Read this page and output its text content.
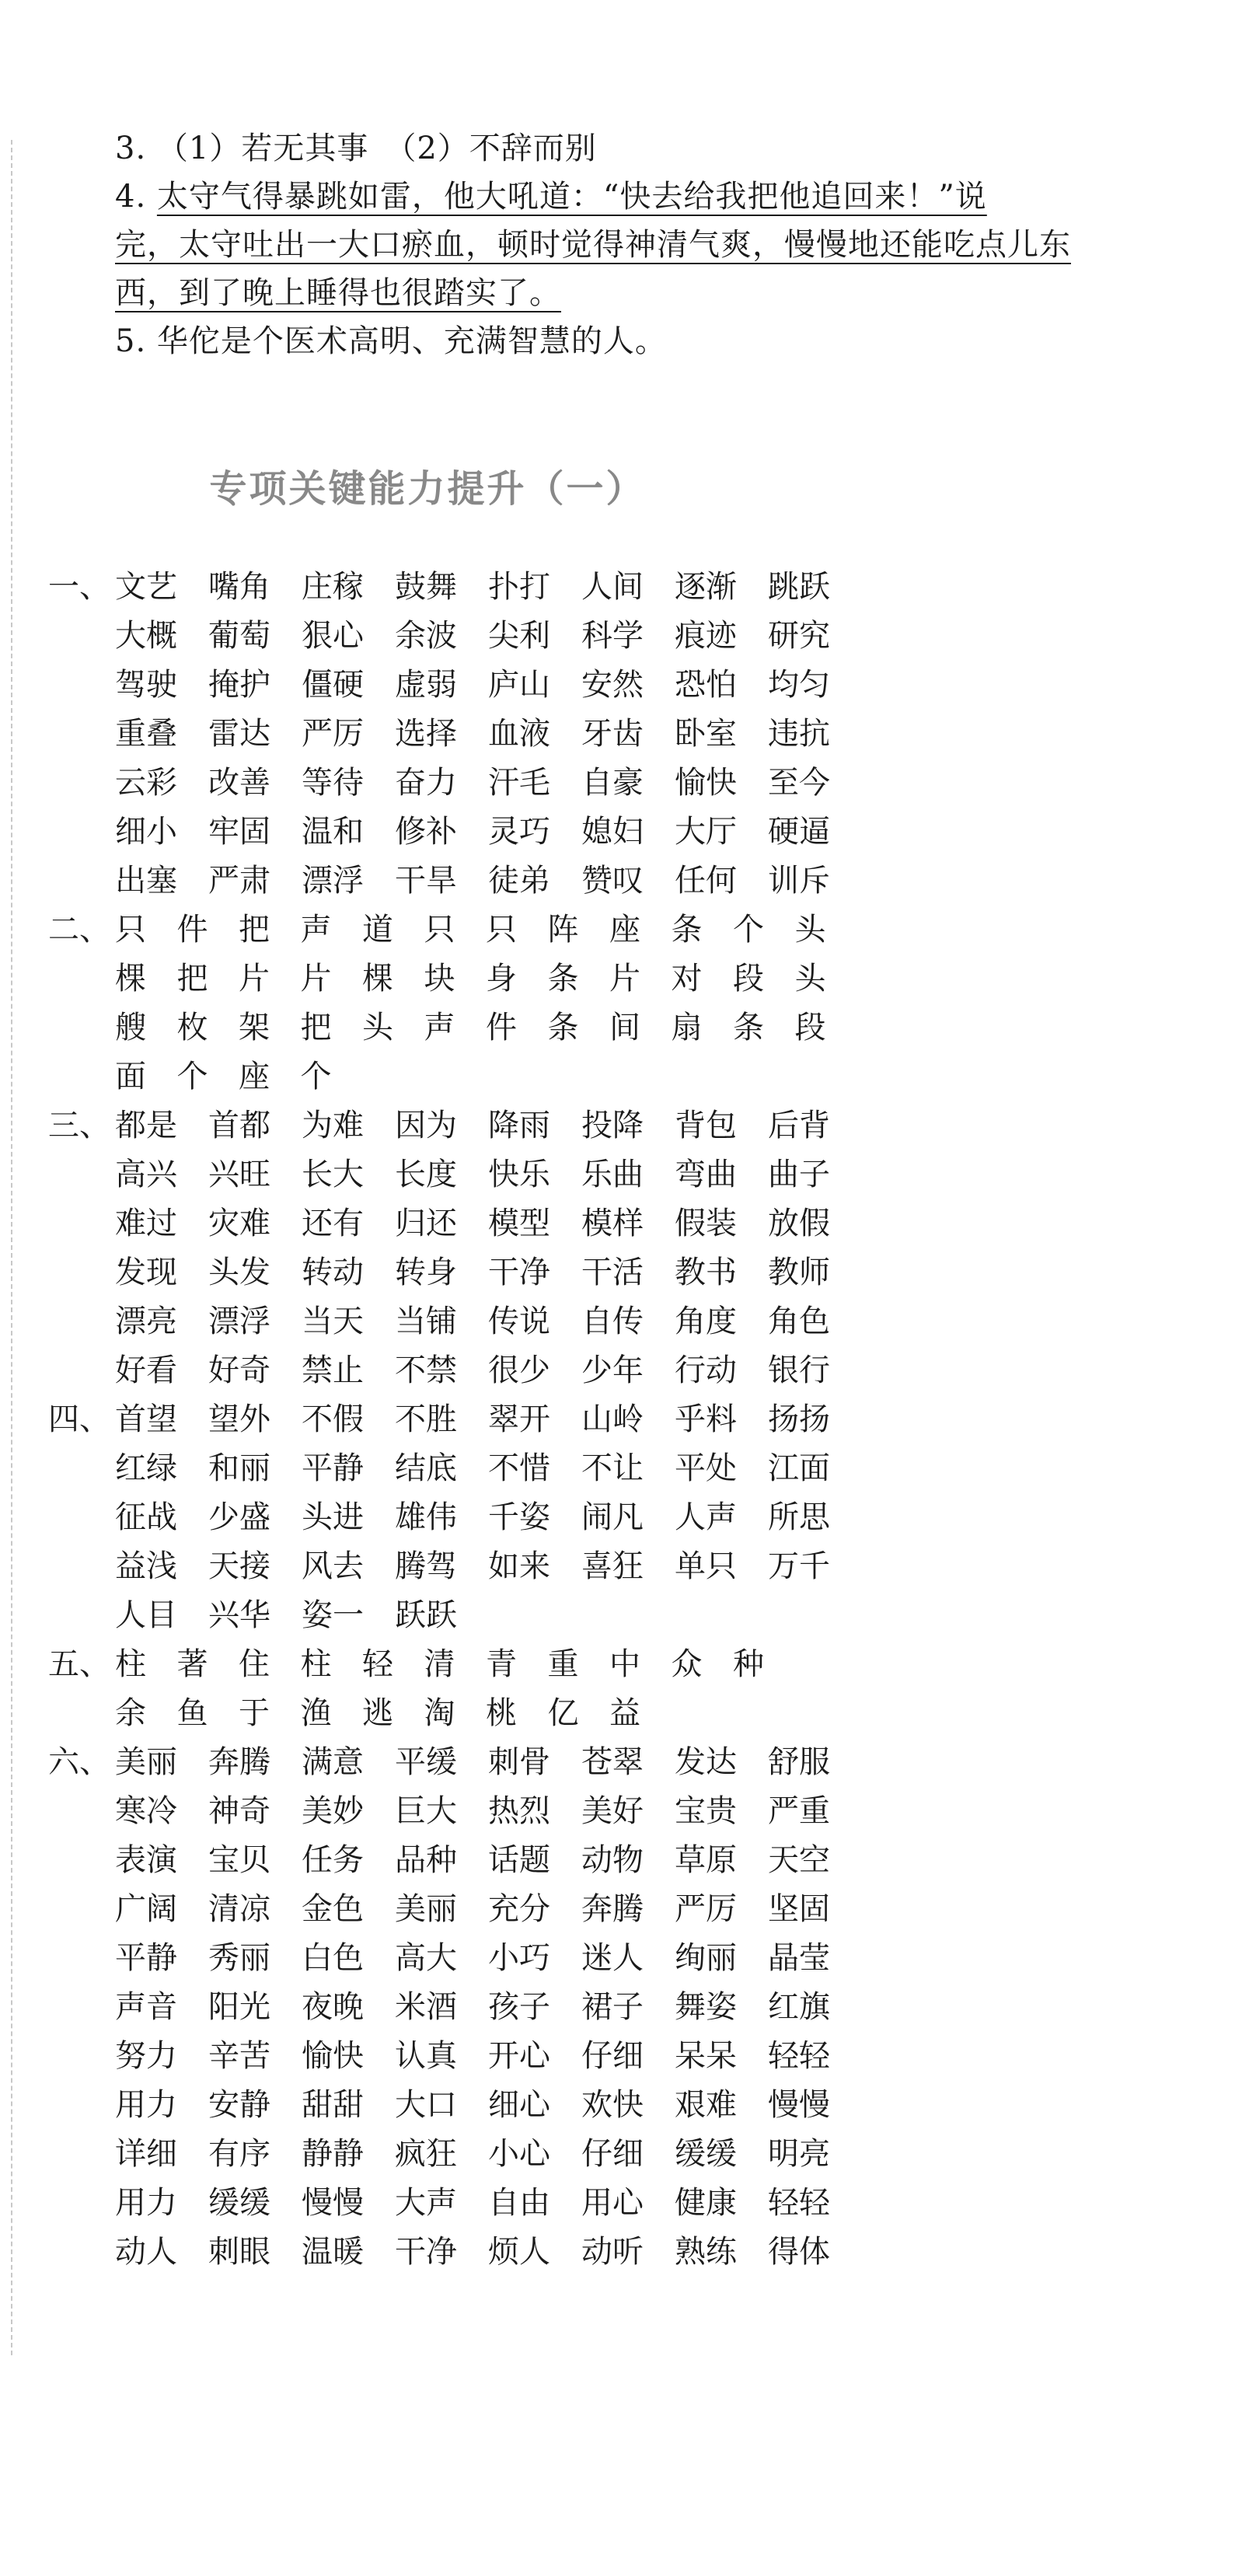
3. （1）若无其事　（2）不辞而别
4. 太守气得暴跳如雷，他大吼道：“快去给我把他追回来！”说
完，太守吐出一大口瘀血，顿时觉得神清气爽，慢慢地还能吃点儿东
西，到了晚上睡得也很踏实了。
5. 华佗是个医术高明、充满智慧的人。
专项关键能力提升（一）
一、 文艺 嘴角 庄稼 鼓舞 扑打 人间 逐渐 跳跃
大概 葡萄 狠心 余波 尖利 科学 痕迹 研究
驾驶 掩护 僵硬 虚弱 庐山 安然 恐怕 均匀
重叠 雷达 严厉 选择 血液 牙齿 卧室 违抗
云彩 改善 等待 奋力 汗毛 自豪 愉快 至今
细小 牢固 温和 修补 灵巧 媳妇 大厅 硬逼
出塞 严肃 漂浮 干旱 徒弟 赞叹 任何 训斥
二、 只 件 把 声 道 只 只 阵 座 条 个 头
棵 把 片 片 棵 块 身 条 片 对 段 头
艘 枚 架 把 头 声 件 条 间 扇 条 段
面 个 座 个
三、 都是 首都 为难 因为 降雨 投降 背包 后背
高兴 兴旺 长大 长度 快乐 乐曲 弯曲 曲子
难过 灾难 还有 归还 模型 模样 假装 放假
发现 头发 转动 转身 干净 干活 教书 教师
漂亮 漂浮 当天 当铺 传说 自传 角度 角色
好看 好奇 禁止 不禁 很少 少年 行动 银行
四、 首望 望外 不假 不胜 翠开 山岭 乎料 扬扬
红绿 和丽 平静 结底 不惜 不让 平处 江面
征战 少盛 头进 雄伟 千姿 闹凡 人声 所思
益浅 天接 风去 腾驾 如来 喜狂 单只 万千
人目 兴华 姿一 跃跃
五、 柱 著 住 柱 轻 清 青 重 中 众 种
余 鱼 于 渔 逃 淘 桃 亿 益
六、 美丽 奔腾 满意 平缓 刺骨 苍翠 发达 舒服
寒冷 神奇 美妙 巨大 热烈 美好 宝贵 严重
表演 宝贝 任务 品种 话题 动物 草原 天空
广阔 清凉 金色 美丽 充分 奔腾 严厉 坚固
平静 秀丽 白色 高大 小巧 迷人 绚丽 晶莹
声音 阳光 夜晚 米酒 孩子 裙子 舞姿 红旗
努力 辛苦 愉快 认真 开心 仔细 呆呆 轻轻
用力 安静 甜甜 大口 细心 欢快 艰难 慢慢
详细 有序 静静 疯狂 小心 仔细 缓缓 明亮
用力 缓缓 慢慢 大声 自由 用心 健康 轻轻
动人 刺眼 温暖 干净 烦人 动听 熟练 得体
